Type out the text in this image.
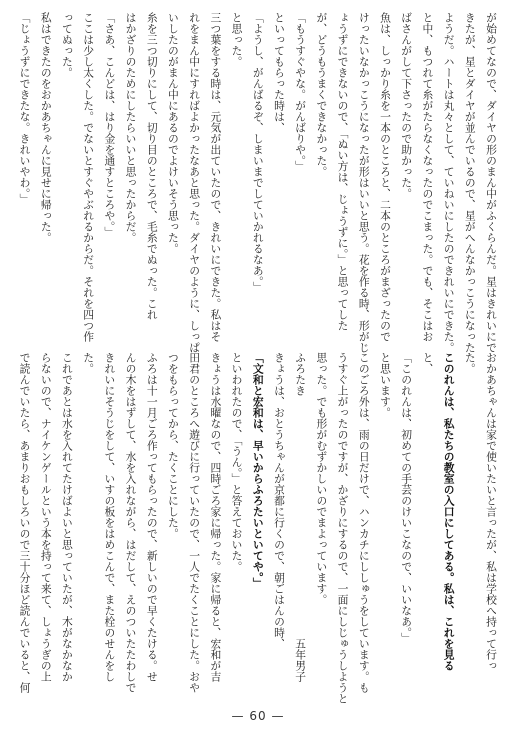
が始めてなので、ダイヤの形のまん中がふくらんだ。星はきれいにで
きたが、星とダイヤが並んでいるので、星がへんなかっこうになった
ようだ。ハートは丸々として、ていねいにしたのできれいにできた。
と中、もつれて糸がたらなくなったのでこまった。でも、そこはお
ばさんがして下さったので助かった。
魚は、しっかり糸を一本のところと、二本のところがまざったので
けったいなかっこうになったが形はいいと思う。花を作る時、形がじ
ょうずにできないので、「ぬい方は、じょうずに。」と思ってした
が、どうもうまくできなかった。
「もうすぐやな。がんばりや。」
といってもらった時は、
「ようし、がんばるぞ、しまいまでしていかれるなあ。」
と思った。
三つ葉をする時は、元気が出ていたので、きれいにできた。私はそ
れをまん中にすればよかったなあと思った。ダイヤのように、しっぱ
いしたのがまん中にあるのでよけいそう思った。
糸を三つ切りにして、切り目のところで、毛糸でぬった。これ
はかざりのためにしたらいいと思ったからだ。
「さあ、こんどは、はり金を通すところや。」
ここは少し太くした。でないとすぐやぶれるからだ。それを四つ作
ってぬった。
私はできたのをおかあちゃんに見せに帰った。
「じょうずにできたな。きれいやわ。」
おかあちゃんは家で使いたいと言ったが、私は学校へ持って行っ
た。
このれんは、私たちの教室の入口にしてある。私は、これを見る
と、
「このれんは、初めての手芸のけいこなので、いいなあ。」
と思います。
このごろ外は、雨の日だけで、ハンカチにししゅうをしています。も
うすぐ上がったのですが、かざりにするので、一面にしじゅうしようと
思った。でも形がむずかしいのでまよっています。
ふろたき　　　　　　　　　　　　　　　　　　　　　　五年男子
きょうは、おとうちゃんが京都に行くので、朝ごはんの時、
「文和と宏和は、早いからふろたいといてや。」
といわれたので、「うん。」と答えておいた。
きょうは水曜なので、四時ごろ家に帰った。家に帰ると、宏和が吉
田君のところへ遊びに行っていたので、一人でたくことにした。おや
つをもらってから、たくことにした。
ふろは十一月ごろ作ってもらったので、新しいので早くたける。せ
んの木をはずして、水を入れながら、はだして、えのついたたわしで
きれいにそうじをして、いすの板をはめこんで、また栓のせんをし
た。
これであとは水を入れてたけばよいと思っていたが、木がなかなか
らないので、ナイケンゲールという本を持って来て、しょうぎの上
で読んでいたら、あまりおもしろいので三十分ほど読んでいると、何
— 60 —
